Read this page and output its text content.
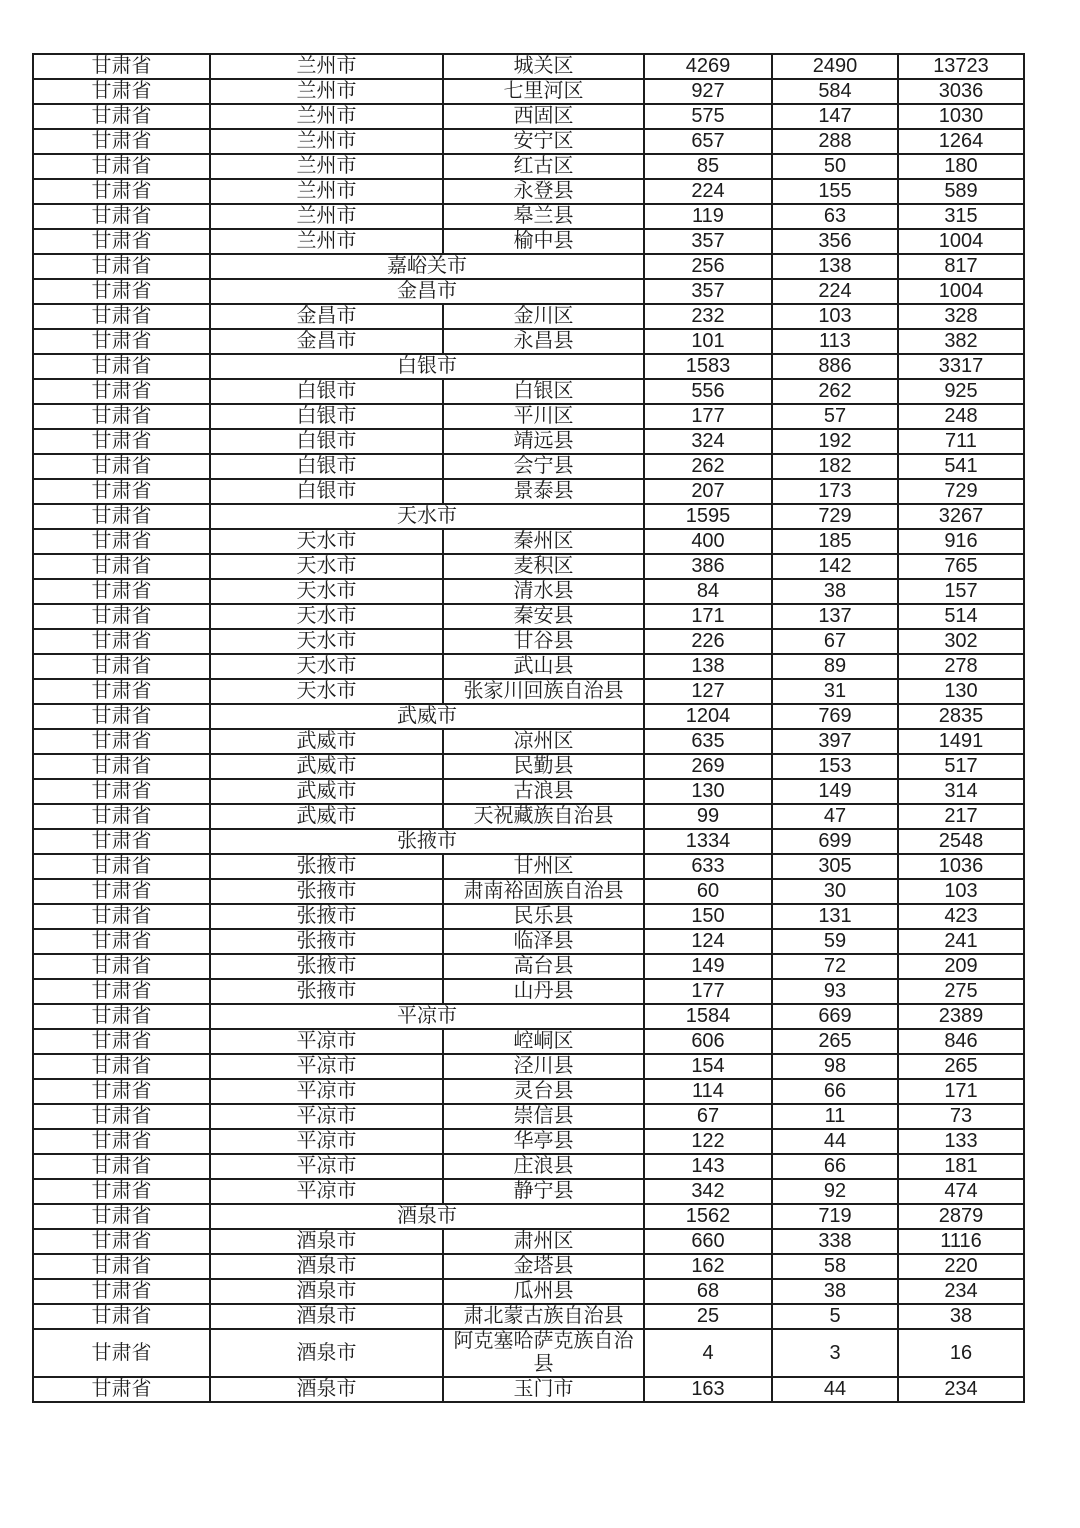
甘肃省	兰州市	城关区	4269	2490	13723
甘肃省	兰州市	七里河区	927	584	3036
甘肃省	兰州市	西固区	575	147	1030
甘肃省	兰州市	安宁区	657	288	1264
甘肃省	兰州市	红古区	85	50	180
甘肃省	兰州市	永登县	224	155	589
甘肃省	兰州市	皋兰县	119	63	315
甘肃省	兰州市	榆中县	357	356	1004
甘肃省	嘉峪关市		256	138	817
甘肃省	金昌市		357	224	1004
甘肃省	金昌市	金川区	232	103	328
甘肃省	金昌市	永昌县	101	113	382
甘肃省	白银市		1583	886	3317
甘肃省	白银市	白银区	556	262	925
甘肃省	白银市	平川区	177	57	248
甘肃省	白银市	靖远县	324	192	711
甘肃省	白银市	会宁县	262	182	541
甘肃省	白银市	景泰县	207	173	729
甘肃省	天水市		1595	729	3267
甘肃省	天水市	秦州区	400	185	916
甘肃省	天水市	麦积区	386	142	765
甘肃省	天水市	清水县	84	38	157
甘肃省	天水市	秦安县	171	137	514
甘肃省	天水市	甘谷县	226	67	302
甘肃省	天水市	武山县	138	89	278
甘肃省	天水市	张家川回族自治县	127	31	130
甘肃省	武威市		1204	769	2835
甘肃省	武威市	凉州区	635	397	1491
甘肃省	武威市	民勤县	269	153	517
甘肃省	武威市	古浪县	130	149	314
甘肃省	武威市	天祝藏族自治县	99	47	217
甘肃省	张掖市		1334	699	2548
甘肃省	张掖市	甘州区	633	305	1036
甘肃省	张掖市	肃南裕固族自治县	60	30	103
甘肃省	张掖市	民乐县	150	131	423
甘肃省	张掖市	临泽县	124	59	241
甘肃省	张掖市	高台县	149	72	209
甘肃省	张掖市	山丹县	177	93	275
甘肃省	平凉市		1584	669	2389
甘肃省	平凉市	崆峒区	606	265	846
甘肃省	平凉市	泾川县	154	98	265
甘肃省	平凉市	灵台县	114	66	171
甘肃省	平凉市	崇信县	67	11	73
甘肃省	平凉市	华亭县	122	44	133
甘肃省	平凉市	庄浪县	143	66	181
甘肃省	平凉市	静宁县	342	92	474
甘肃省	酒泉市		1562	719	2879
甘肃省	酒泉市	肃州区	660	338	1116
甘肃省	酒泉市	金塔县	162	58	220
甘肃省	酒泉市	瓜州县	68	38	234
甘肃省	酒泉市	肃北蒙古族自治县	25	5	38
甘肃省	酒泉市	阿克塞哈萨克族自治县	4	3	16
甘肃省	酒泉市	玉门市	163	44	234
